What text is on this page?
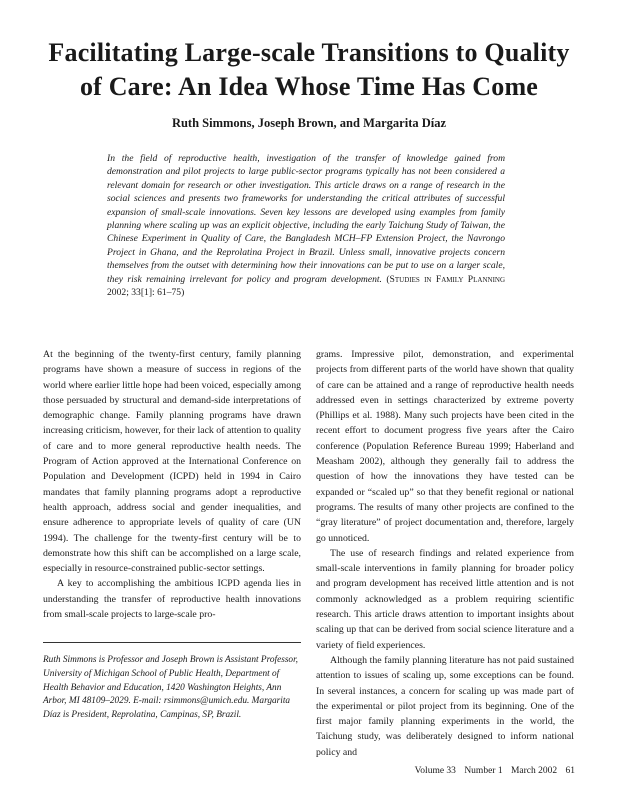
Facilitating Large-scale Transitions to Quality
of Care: An Idea Whose Time Has Come

Ruth Simmons, Joseph Brown, and Margarita Díaz

In the field of reproductive health, investigation of the transfer of knowledge gained from demonstration and pilot projects to large public-sector programs typically has not been considered a relevant domain for research or other investigation. This article draws on a range of research in the social sciences and presents two frameworks for understanding the critical attributes of successful expansion of small-scale innovations. Seven key lessons are developed using examples from family planning where scaling up was an explicit objective, including the early Taichung Study of Taiwan, the Chinese Experiment in Quality of Care, the Bangladesh MCH–FP Extension Project, the Navrongo Project in Ghana, and the Reprolatina Project in Brazil. Unless small, innovative projects concern themselves from the outset with determining how their innovations can be put to use on a larger scale, they risk remaining irrelevant for policy and program development. (Studies in Family Planning 2002; 33[1]: 61–75)

At the beginning of the twenty-first century, family planning programs have shown a measure of success in regions of the world where earlier little hope had been voiced, especially among those persuaded by structural and demand-side interpretations of demographic change. Family planning programs have drawn increasing criticism, however, for their lack of attention to quality of care and to more general reproductive health needs. The Program of Action approved at the International Conference on Population and Development (ICPD) held in 1994 in Cairo mandates that family planning programs adopt a reproductive health approach, address social and gender inequalities, and ensure adherence to appropriate levels of quality of care (UN 1994). The challenge for the twenty-first century will be to demonstrate how this shift can be accomplished on a large scale, especially in resource-constrained public-sector settings.

A key to accomplishing the ambitious ICPD agenda lies in understanding the transfer of reproductive health innovations from small-scale projects to large-scale pro-

grams. Impressive pilot, demonstration, and experimental projects from different parts of the world have shown that quality of care can be attained and a range of reproductive health needs addressed even in settings characterized by extreme poverty (Phillips et al. 1988). Many such projects have been cited in the recent effort to document progress five years after the Cairo conference (Population Reference Bureau 1999; Haberland and Measham 2002), although they generally fail to address the question of how the innovations they have tested can be expanded or “scaled up” so that they benefit regional or national programs. The results of many other projects are confined to the “gray literature” of project documentation and, therefore, largely go unnoticed.

The use of research findings and related experience from small-scale interventions in family planning for broader policy and program development has received little attention and is not commonly acknowledged as a problem requiring scientific research. This article draws attention to important insights about scaling up that can be derived from social science literature and a variety of field experiences.

Although the family planning literature has not paid sustained attention to issues of scaling up, some exceptions can be found. In several instances, a concern for scaling up was made part of the experimental or pilot project from its beginning. One of the first major family planning experiments in the world, the Taichung study, was deliberately designed to inform national policy and

Ruth Simmons is Professor and Joseph Brown is Assistant Professor, University of Michigan School of Public Health, Department of Health Behavior and Education, 1420 Washington Heights, Ann Arbor, MI 48109–2029. E-mail: rsimmons@umich.edu. Margarita Díaz is President, Reprolatina, Campinas, SP, Brazil.

Volume 33 Number 1 March 2002 61
